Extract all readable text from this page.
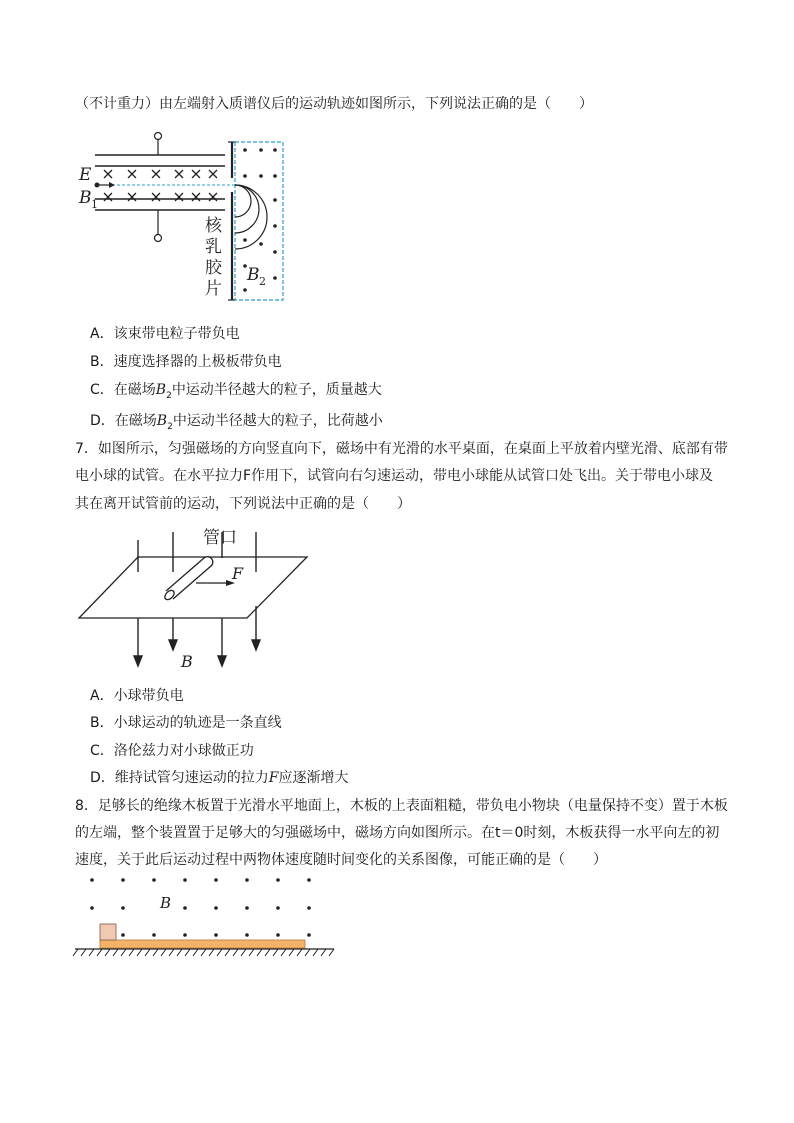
（不计重力）由左端射入质谱仪后的运动轨迹如图所示，下列说法正确的是（　　）
E
B 1
核
乳
胶
片
B 2
A．该束带电粒子带负电
B．速度选择器的上极板带负电
C．在磁场$B_2$中运动半径越大的粒子，质量越大
D．在磁场$B_2$中运动半径越大的粒子，比荷越小
7．如图所示，匀强磁场的方向竖直向下，磁场中有光滑的水平桌面，在桌面上平放着内壁光滑、底部有带
电小球的试管。在水平拉力F作用下，试管向右匀速运动，带电小球能从试管口处飞出。关于带电小球及
其在离开试管前的运动，下列说法中正确的是（　　）
管口
F
B
A．小球带负电
B．小球运动的轨迹是一条直线
C．洛伦兹力对小球做正功
D．维持试管匀速运动的拉力F应逐渐增大
8．足够长的绝缘木板置于光滑水平地面上，木板的上表面粗糙，带负电小物块（电量保持不变）置于木板
的左端，整个装置置于足够大的匀强磁场中，磁场方向如图所示。在t＝0时刻，木板获得一水平向左的初
速度，关于此后运动过程中两物体速度随时间变化的关系图像，可能正确的是（　　）
B
